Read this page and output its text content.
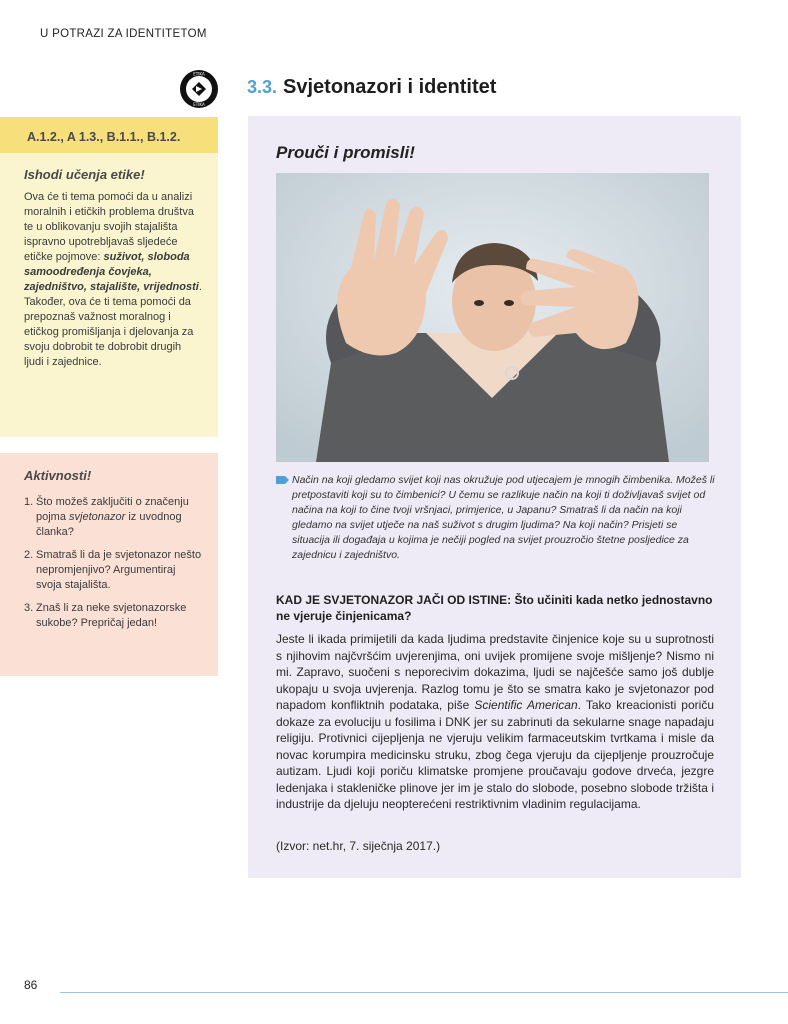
U POTRAZI ZA IDENTITETOM
ETIKA
ETIKA
3.3. Svjetonazori i identitet
A.1.2., A 1.3., B.1.1., B.1.2.
Ishodi učenja etike!
Ova će ti tema pomoći da u analizi moralnih i etičkih problema društva te u oblikovanju svojih stajališta ispravno upotrebljavaš sljedeće etičke pojmove: suživot, sloboda samoodređenja čovjeka, zajedništvo, stajalište, vrijednosti. Također, ova će ti tema pomoći da prepoznaš važnost moralnog i etičkog promišljanja i djelovanja za svoju dobrobit te dobrobit drugih ljudi i zajednice.
Aktivnosti!
1. Što možeš zaključiti o značenju pojma svjetonazor iz uvodnog članka?
2. Smatraš li da je svjetonazor nešto nepromjenjivo? Argumentiraj svoja stajališta.
3. Znaš li za neke svjetonazorske sukobe? Prepričaj jedan!
Prouči i promisli!
Način na koji gledamo svijet koji nas okružuje pod utjecajem je mnogih čimbenika. Možeš li pretpostaviti koji su to čimbenici? U čemu se razlikuje način na koji ti doživljavaš svijet od načina na koji to čine tvoji vršnjaci, primjerice, u Japanu? Smatraš li da način na koji gledamo na svijet utječe na naš suživot s drugim ljudima? Na koji način? Prisjeti se situacija ili događaja u kojima je nečiji pogled na svijet prouzročio štetne posljedice za zajednicu i zajedništvo.
KAD JE SVJETONAZOR JAČI OD ISTINE: Što učiniti kada netko jednostavno ne vjeruje činjenicama?
Jeste li ikada primijetili da kada ljudima predstavite činjenice koje su u suprotnosti s njihovim najčvršćim uvjerenjima, oni uvijek promijene svoje mišljenje? Nismo ni mi. Zapravo, suočeni s neporecivim dokazima, ljudi se najčešće samo još dublje ukopaju u svoja uvjerenja. Razlog tomu je što se smatra kako je svjetonazor pod napadom konfliktnih podataka, piše Scientific American. Tako kreacionisti poriču dokaze za evoluciju u fosilima i DNK jer su zabrinuti da sekularne snage napadaju religiju. Protivnici cijepljenja ne vjeruju velikim farmaceutskim tvrtkama i misle da novac korumpira medicinsku struku, zbog čega vjeruju da cijepljenje prouzročuje autizam. Ljudi koji poriču klimatske promjene proučavaju godove drveća, jezgre ledenjaka i stakleničke plinove jer im je stalo do slobode, posebno slobode tržišta i industrije da djeluju neopterećeni restriktivnim vladinim regulacijama.
(Izvor: net.hr, 7. siječnja 2017.)
86
